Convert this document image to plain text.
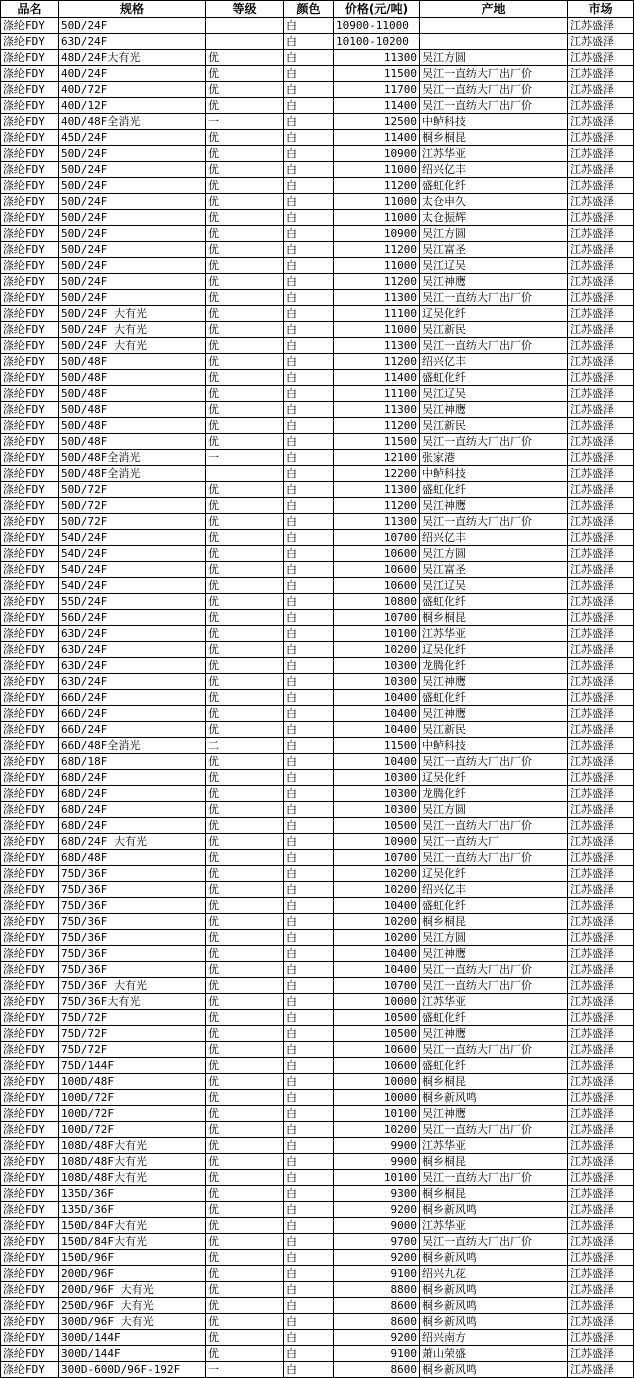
品名	规格	等级	颜色	价格(元/吨)	产地	市场
涤纶FDY	50D/24F		白	10900-11000		江苏盛泽
涤纶FDY	63D/24F		白	10100-10200		江苏盛泽
涤纶FDY	48D/24F大有光	优	白	11300	吴江方圆	江苏盛泽
涤纶FDY	40D/24F	优	白	11500	吴江一直纺大厂出厂价	江苏盛泽
涤纶FDY	40D/72F	优	白	11700	吴江一直纺大厂出厂价	江苏盛泽
涤纶FDY	40D/12F	优	白	11400	吴江一直纺大厂出厂价	江苏盛泽
涤纶FDY	40D/48F全消光	一	白	12500	中鲈科技	江苏盛泽
涤纶FDY	45D/24F	优	白	11400	桐乡桐昆	江苏盛泽
涤纶FDY	50D/24F	优	白	10900	江苏华亚	江苏盛泽
涤纶FDY	50D/24F	优	白	11000	绍兴亿丰	江苏盛泽
涤纶FDY	50D/24F	优	白	11200	盛虹化纤	江苏盛泽
涤纶FDY	50D/24F	优	白	11000	太仓申久	江苏盛泽
涤纶FDY	50D/24F	优	白	11000	太仓振辉	江苏盛泽
涤纶FDY	50D/24F	优	白	10900	吴江方圆	江苏盛泽
涤纶FDY	50D/24F	优	白	11200	吴江富圣	江苏盛泽
涤纶FDY	50D/24F	优	白	11000	吴江辽吴	江苏盛泽
涤纶FDY	50D/24F	优	白	11200	吴江神鹰	江苏盛泽
涤纶FDY	50D/24F	优	白	11300	吴江一直纺大厂出厂价	江苏盛泽
涤纶FDY	50D/24F 大有光	优	白	11100	辽吴化纤	江苏盛泽
涤纶FDY	50D/24F 大有光	优	白	11000	吴江新民	江苏盛泽
涤纶FDY	50D/24F 大有光	优	白	11300	吴江一直纺大厂出厂价	江苏盛泽
涤纶FDY	50D/48F	优	白	11200	绍兴亿丰	江苏盛泽
涤纶FDY	50D/48F	优	白	11400	盛虹化纤	江苏盛泽
涤纶FDY	50D/48F	优	白	11100	吴江辽吴	江苏盛泽
涤纶FDY	50D/48F	优	白	11300	吴江神鹰	江苏盛泽
涤纶FDY	50D/48F	优	白	11200	吴江新民	江苏盛泽
涤纶FDY	50D/48F	优	白	11500	吴江一直纺大厂出厂价	江苏盛泽
涤纶FDY	50D/48F全消光	一	白	12100	张家港	江苏盛泽
涤纶FDY	50D/48F全消光		白	12200	中鲈科技	江苏盛泽
涤纶FDY	50D/72F	优	白	11300	盛虹化纤	江苏盛泽
涤纶FDY	50D/72F	优	白	11200	吴江神鹰	江苏盛泽
涤纶FDY	50D/72F	优	白	11300	吴江一直纺大厂出厂价	江苏盛泽
涤纶FDY	54D/24F	优	白	10700	绍兴亿丰	江苏盛泽
涤纶FDY	54D/24F	优	白	10600	吴江方圆	江苏盛泽
涤纶FDY	54D/24F	优	白	10600	吴江富圣	江苏盛泽
涤纶FDY	54D/24F	优	白	10600	吴江辽吴	江苏盛泽
涤纶FDY	55D/24F	优	白	10800	盛虹化纤	江苏盛泽
涤纶FDY	56D/24F	优	白	10700	桐乡桐昆	江苏盛泽
涤纶FDY	63D/24F	优	白	10100	江苏华亚	江苏盛泽
涤纶FDY	63D/24F	优	白	10200	辽吴化纤	江苏盛泽
涤纶FDY	63D/24F	优	白	10300	龙腾化纤	江苏盛泽
涤纶FDY	63D/24F	优	白	10300	吴江神鹰	江苏盛泽
涤纶FDY	66D/24F	优	白	10400	盛虹化纤	江苏盛泽
涤纶FDY	66D/24F	优	白	10400	吴江神鹰	江苏盛泽
涤纶FDY	66D/24F	优	白	10400	吴江新民	江苏盛泽
涤纶FDY	66D/48F全消光	二	白	11500	中鲈科技	江苏盛泽
涤纶FDY	68D/18F	优	白	10400	吴江一直纺大厂出厂价	江苏盛泽
涤纶FDY	68D/24F	优	白	10300	辽吴化纤	江苏盛泽
涤纶FDY	68D/24F	优	白	10300	龙腾化纤	江苏盛泽
涤纶FDY	68D/24F	优	白	10300	吴江方圆	江苏盛泽
涤纶FDY	68D/24F	优	白	10500	吴江一直纺大厂出厂价	江苏盛泽
涤纶FDY	68D/24F 大有光	优	白	10900	吴江一直纺大厂	江苏盛泽
涤纶FDY	68D/48F	优	白	10700	吴江一直纺大厂出厂价	江苏盛泽
涤纶FDY	75D/36F	优	白	10200	辽吴化纤	江苏盛泽
涤纶FDY	75D/36F	优	白	10200	绍兴亿丰	江苏盛泽
涤纶FDY	75D/36F	优	白	10400	盛虹化纤	江苏盛泽
涤纶FDY	75D/36F	优	白	10200	桐乡桐昆	江苏盛泽
涤纶FDY	75D/36F	优	白	10200	吴江方圆	江苏盛泽
涤纶FDY	75D/36F	优	白	10400	吴江神鹰	江苏盛泽
涤纶FDY	75D/36F	优	白	10400	吴江一直纺大厂出厂价	江苏盛泽
涤纶FDY	75D/36F 大有光	优	白	10700	吴江一直纺大厂出厂价	江苏盛泽
涤纶FDY	75D/36F大有光	优	白	10000	江苏华亚	江苏盛泽
涤纶FDY	75D/72F	优	白	10500	盛虹化纤	江苏盛泽
涤纶FDY	75D/72F	优	白	10500	吴江神鹰	江苏盛泽
涤纶FDY	75D/72F	优	白	10600	吴江一直纺大厂出厂价	江苏盛泽
涤纶FDY	75D/144F	优	白	10600	盛虹化纤	江苏盛泽
涤纶FDY	100D/48F	优	白	10000	桐乡桐昆	江苏盛泽
涤纶FDY	100D/72F	优	白	10000	桐乡新风鸣	江苏盛泽
涤纶FDY	100D/72F	优	白	10100	吴江神鹰	江苏盛泽
涤纶FDY	100D/72F	优	白	10200	吴江一直纺大厂出厂价	江苏盛泽
涤纶FDY	108D/48F大有光	优	白	9900	江苏华亚	江苏盛泽
涤纶FDY	108D/48F大有光	优	白	9900	桐乡桐昆	江苏盛泽
涤纶FDY	108D/48F大有光	优	白	10100	吴江一直纺大厂出厂价	江苏盛泽
涤纶FDY	135D/36F	优	白	9300	桐乡桐昆	江苏盛泽
涤纶FDY	135D/36F	优	白	9200	桐乡新风鸣	江苏盛泽
涤纶FDY	150D/84F大有光	优	白	9000	江苏华亚	江苏盛泽
涤纶FDY	150D/84F大有光	优	白	9700	吴江一直纺大厂出厂价	江苏盛泽
涤纶FDY	150D/96F	优	白	9200	桐乡新风鸣	江苏盛泽
涤纶FDY	200D/96F	优	白	9100	绍兴九花	江苏盛泽
涤纶FDY	200D/96F 大有光	优	白	8800	桐乡新风鸣	江苏盛泽
涤纶FDY	250D/96F 大有光	优	白	8600	桐乡新风鸣	江苏盛泽
涤纶FDY	300D/96F 大有光	优	白	8600	桐乡新风鸣	江苏盛泽
涤纶FDY	300D/144F	优	白	9200	绍兴南方	江苏盛泽
涤纶FDY	300D/144F	优	白	9100	萧山荣盛	江苏盛泽
涤纶FDY	300D-600D/96F-192F	一	白	8600	桐乡新风鸣	江苏盛泽
